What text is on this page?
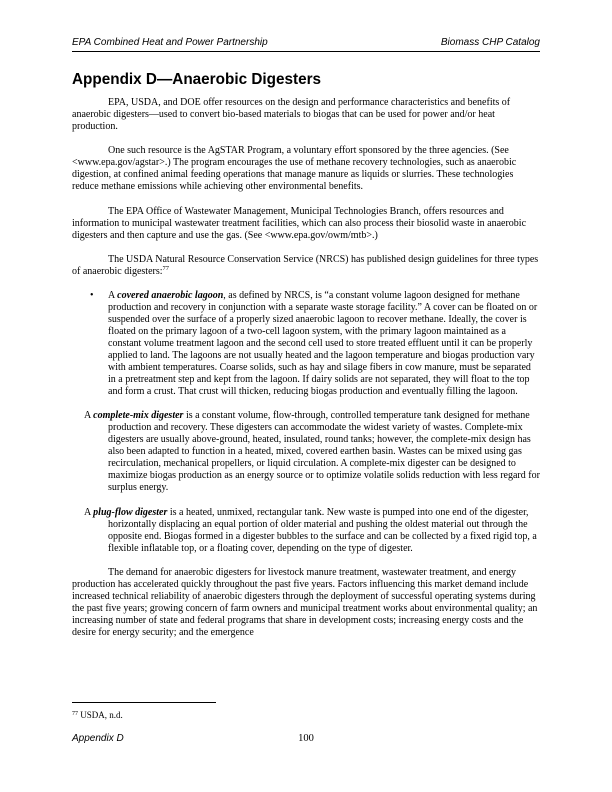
EPA Combined Heat and Power Partnership	Biomass CHP Catalog
Appendix D—Anaerobic Digesters

EPA, USDA, and DOE offer resources on the design and performance characteristics and benefits of anaerobic digesters—used to convert bio-based materials to biogas that can be used for power and/or heat production.

One such resource is the AgSTAR Program, a voluntary effort sponsored by the three agencies. (See <www.epa.gov/agstar>.) The program encourages the use of methane recovery technologies, such as anaerobic digestion, at confined animal feeding operations that manage manure as liquids or slurries. These technologies reduce methane emissions while achieving other environmental benefits.

The EPA Office of Wastewater Management, Municipal Technologies Branch, offers resources and information to municipal wastewater treatment facilities, which can also process their biosolid waste in anaerobic digesters and then capture and use the gas. (See <www.epa.gov/owm/mtb>.)

The USDA Natural Resource Conservation Service (NRCS) has published design guidelines for three types of anaerobic digesters:$^{77}$

• A covered anaerobic lagoon, as defined by NRCS, is “a constant volume lagoon designed for methane production and recovery in conjunction with a separate waste storage facility.” A cover can be floated on or suspended over the surface of a properly sized anaerobic lagoon to recover methane. Ideally, the cover is floated on the primary lagoon of a two-cell lagoon system, with the primary lagoon maintained as a constant volume treatment lagoon and the second cell used to store treated effluent until it can be properly applied to land. The lagoons are not usually heated and the lagoon temperature and biogas production vary with ambient temperatures. Coarse solids, such as hay and silage fibers in cow manure, must be separated in a pretreatment step and kept from the lagoon. If dairy solids are not separated, they will float to the top and form a crust. That crust will thicken, reducing biogas production and eventually filling the lagoon.
A complete-mix digester is a constant volume, flow-through, controlled temperature tank designed for methane production and recovery. These digesters can accommodate the widest variety of wastes. Complete-mix digesters are usually above-ground, heated, insulated, round tanks; however, the complete-mix design has also been adapted to function in a heated, mixed, covered earthen basin. Wastes can be mixed using gas recirculation, mechanical propellers, or liquid circulation. A complete-mix digester can be designed to maximize biogas production as an energy source or to optimize volatile solids reduction with less regard for surplus energy.
A plug-flow digester is a heated, unmixed, rectangular tank. New waste is pumped into one end of the digester, horizontally displacing an equal portion of older material and pushing the oldest material out through the opposite end. Biogas formed in a digester bubbles to the surface and can be collected by a fixed rigid top, a flexible inflatable top, or a floating cover, depending on the type of digester.

The demand for anaerobic digesters for livestock manure treatment, wastewater treatment, and energy production has accelerated quickly throughout the past five years. Factors influencing this market demand include increased technical reliability of anaerobic digesters through the deployment of successful operating systems during the past five years; growing concern of farm owners and municipal treatment works about environmental quality; an increasing number of state and federal programs that share in development costs; increasing energy costs and the desire for energy security; and the emergence

$^{77}$ USDA, n.d.
Appendix D	100
